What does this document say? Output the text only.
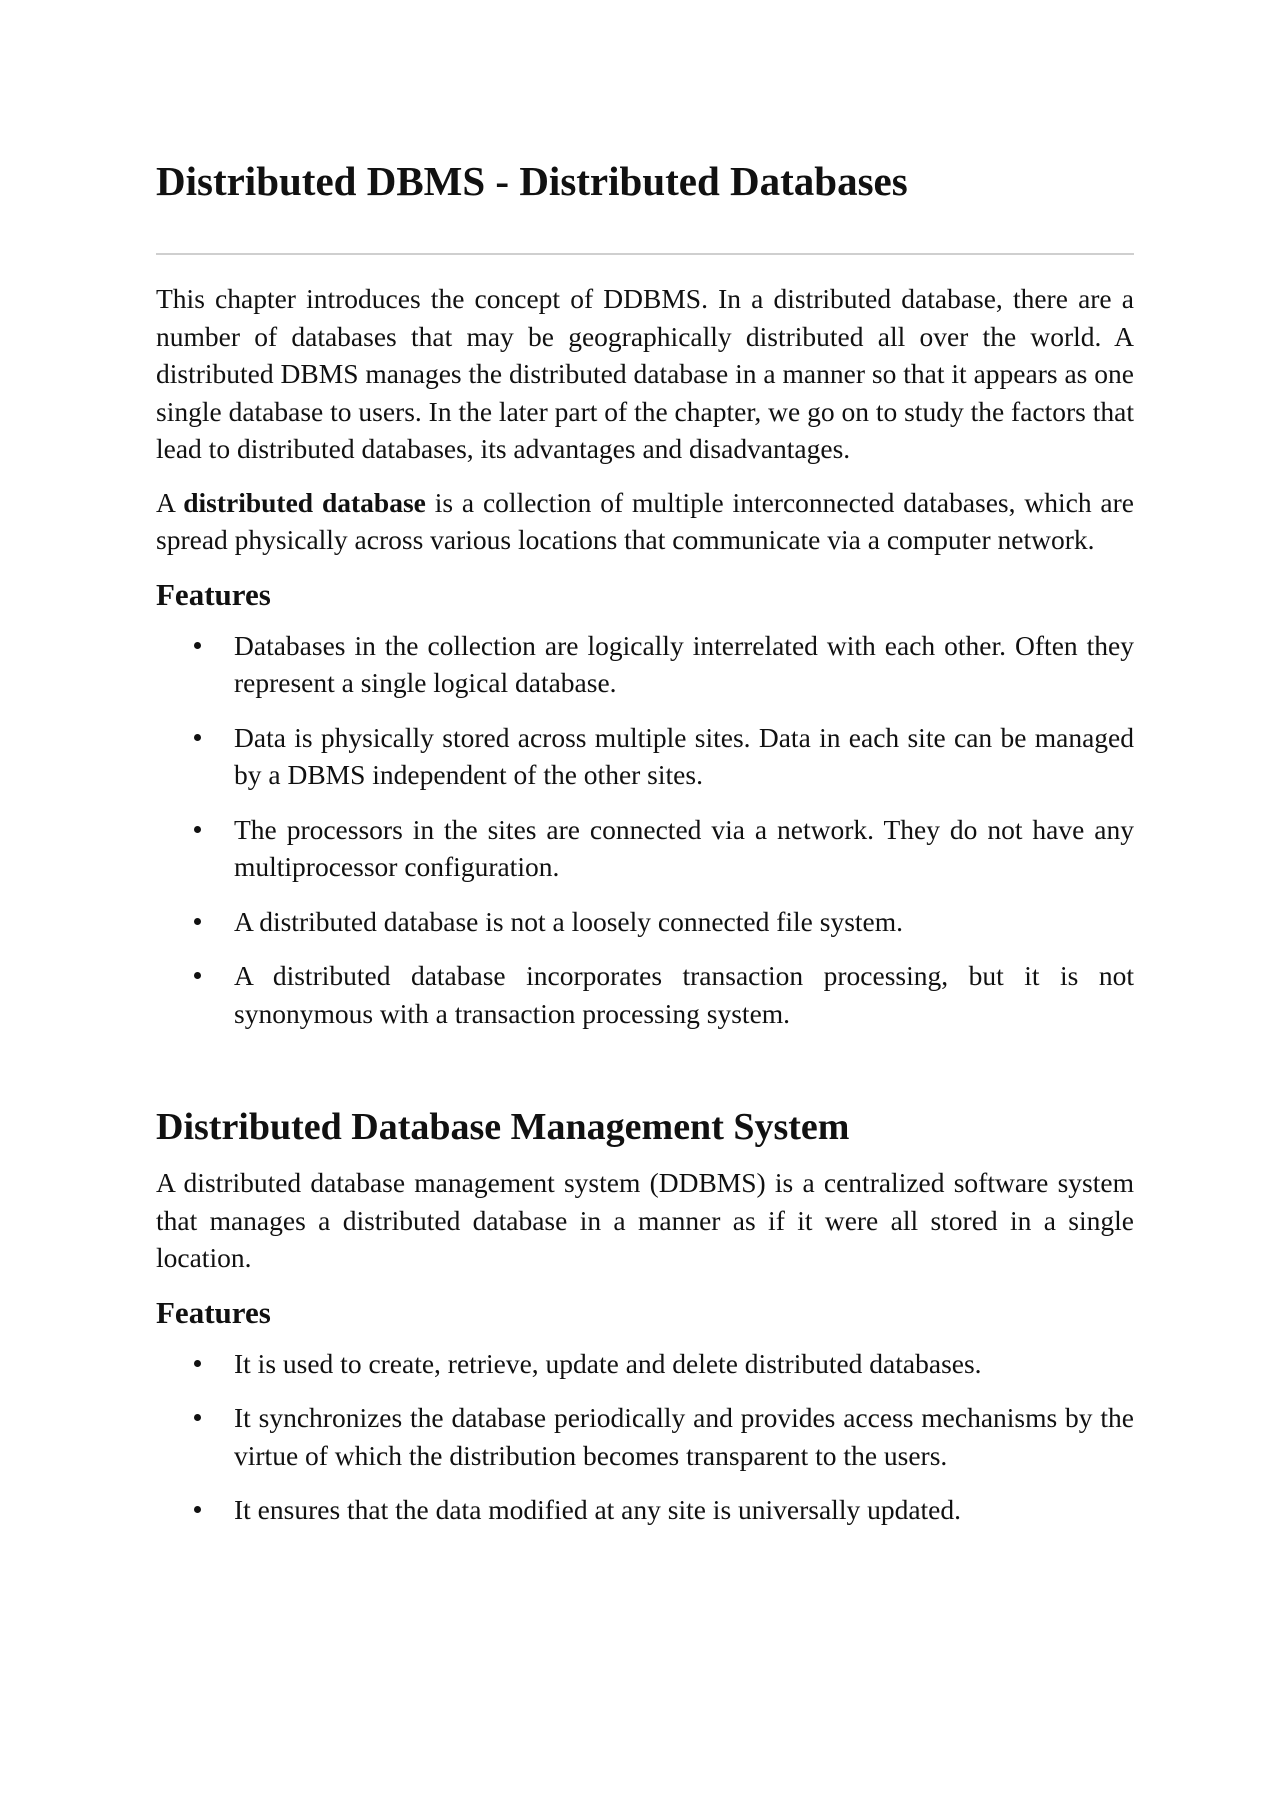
Distributed DBMS - Distributed Databases

This chapter introduces the concept of DDBMS. In a distributed database, there are a number of databases that may be geographically distributed all over the world. A distributed DBMS manages the distributed database in a manner so that it appears as one single database to users. In the later part of the chapter, we go on to study the factors that lead to distributed databases, its advantages and disadvantages.

A distributed database is a collection of multiple interconnected databases, which are spread physically across various locations that communicate via a computer network.

Features
Databases in the collection are logically interrelated with each other. Often they represent a single logical database.
Data is physically stored across multiple sites. Data in each site can be managed by a DBMS independent of the other sites.
The processors in the sites are connected via a network. They do not have any multiprocessor configuration.
A distributed database is not a loosely connected file system.
A distributed database incorporates transaction processing, but it is not synonymous with a transaction processing system.
Distributed Database Management System

A distributed database management system (DDBMS) is a centralized software system that manages a distributed database in a manner as if it were all stored in a single location.

Features
It is used to create, retrieve, update and delete distributed databases.
It synchronizes the database periodically and provides access mechanisms by the virtue of which the distribution becomes transparent to the users.
It ensures that the data modified at any site is universally updated.
